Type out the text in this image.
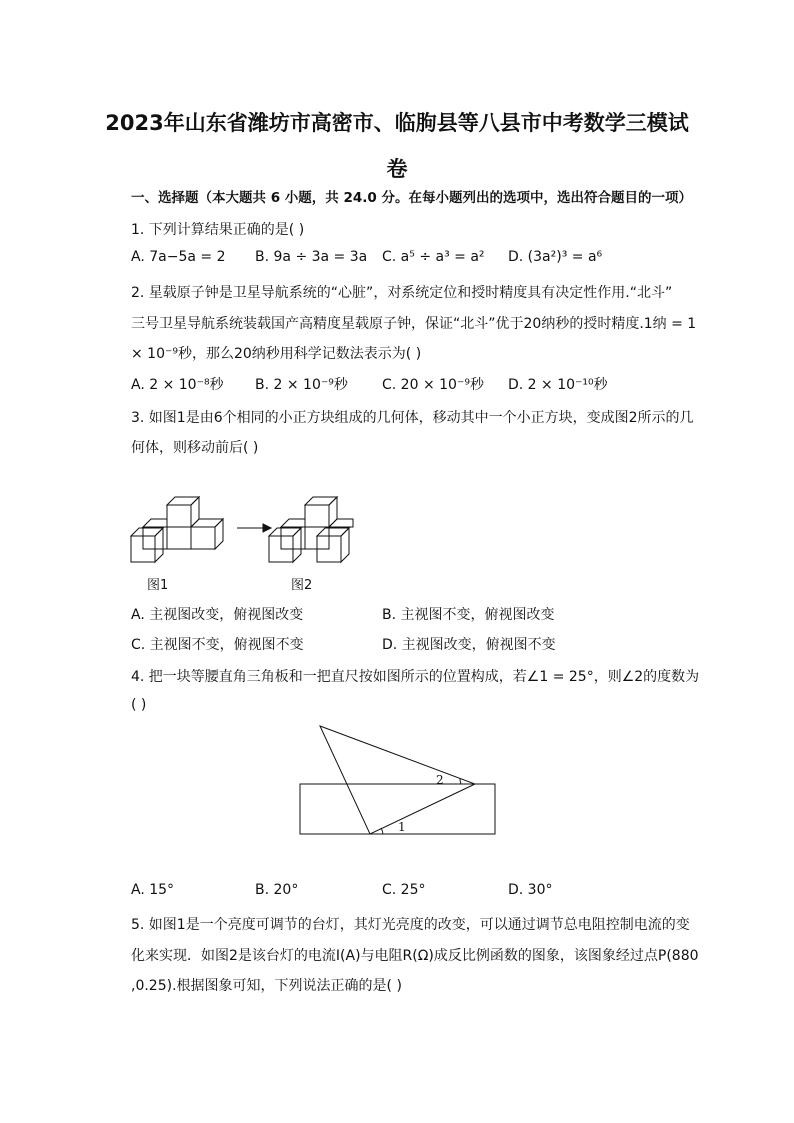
2023年山东省潍坊市高密市、临朐县等八县市中考数学三模试
卷
一、选择题（本大题共 6 小题，共 24.0 分。在每小题列出的选项中，选出符合题目的一项）
1. 下列计算结果正确的是( )
A. 7a−5a = 2 B. 9a ÷ 3a = 3a C. a⁵ ÷ a³ = a² D. (3a²)³ = a⁶
2. 星载原子钟是卫星导航系统的“心脏”，对系统定位和授时精度具有决定性作用.“北斗”
三号卫星导航系统装载国产高精度星载原子钟，保证“北斗”优于20纳秒的授时精度.1纳 = 1
× 10⁻⁹秒，那么20纳秒用科学记数法表示为( )
A. 2 × 10⁻⁸秒 B. 2 × 10⁻⁹秒 C. 20 × 10⁻⁹秒 D. 2 × 10⁻¹⁰秒
3. 如图1是由6个相同的小正方块组成的几何体，移动其中一个小正方块，变成图2所示的几
何体，则移动前后( )
图1	图2
A. 主视图改变，俯视图改变	B. 主视图不变，俯视图改变
C. 主视图不变，俯视图不变	D. 主视图改变，俯视图不变
4. 把一块等腰直角三角板和一把直尺按如图所示的位置构成，若∠1 = 25°，则∠2的度数为
( )
1
2
A. 15°	B. 20°	C. 25°	D. 30°
5. 如图1是一个亮度可调节的台灯，其灯光亮度的改变，可以通过调节总电阻控制电流的变
化来实现．如图2是该台灯的电流I(A)与电阻R(Ω)成反比例函数的图象，该图象经过点P(880
,0.25).根据图象可知，下列说法正确的是( )
